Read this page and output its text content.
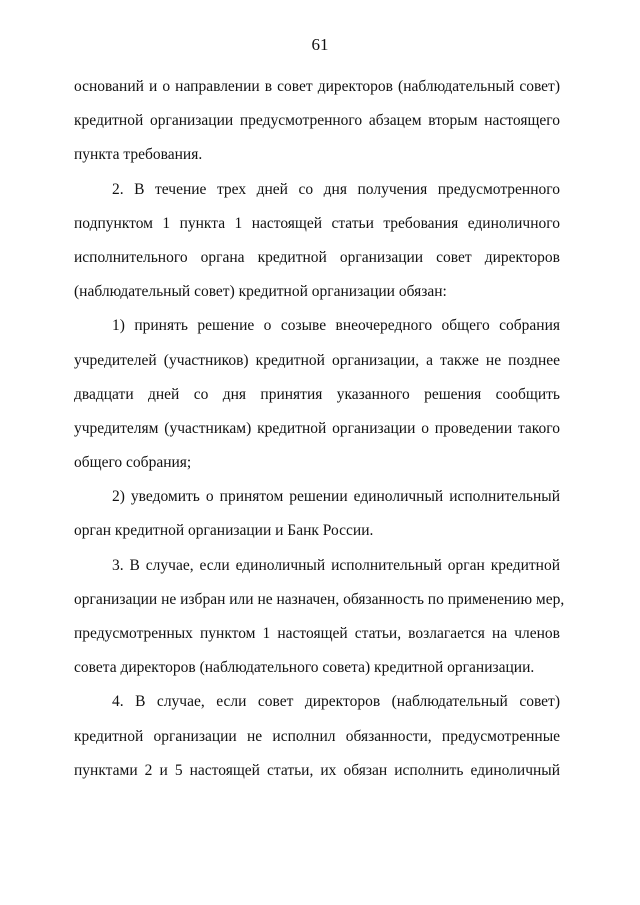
61
оснований и о направлении в совет директоров (наблюдательный совет)
кредитной организации предусмотренного абзацем вторым настоящего
пункта требования.
2. В течение трех дней со дня получения предусмотренного
подпунктом 1 пункта 1 настоящей статьи требования единоличного
исполнительного органа кредитной организации совет директоров
(наблюдательный совет) кредитной организации обязан:
1) принять решение о созыве внеочередного общего собрания
учредителей (участников) кредитной организации, а также не позднее
двадцати дней со дня принятия указанного решения сообщить
учредителям (участникам) кредитной организации о проведении такого
общего собрания;
2) уведомить о принятом решении единоличный исполнительный
орган кредитной организации и Банк России.
3. В случае, если единоличный исполнительный орган кредитной
организации не избран или не назначен, обязанность по применению мер,
предусмотренных пунктом 1 настоящей статьи, возлагается на членов
совета директоров (наблюдательного совета) кредитной организации.
4. В случае, если совет директоров (наблюдательный совет)
кредитной организации не исполнил обязанности, предусмотренные
пунктами 2 и 5 настоящей статьи, их обязан исполнить единоличный
